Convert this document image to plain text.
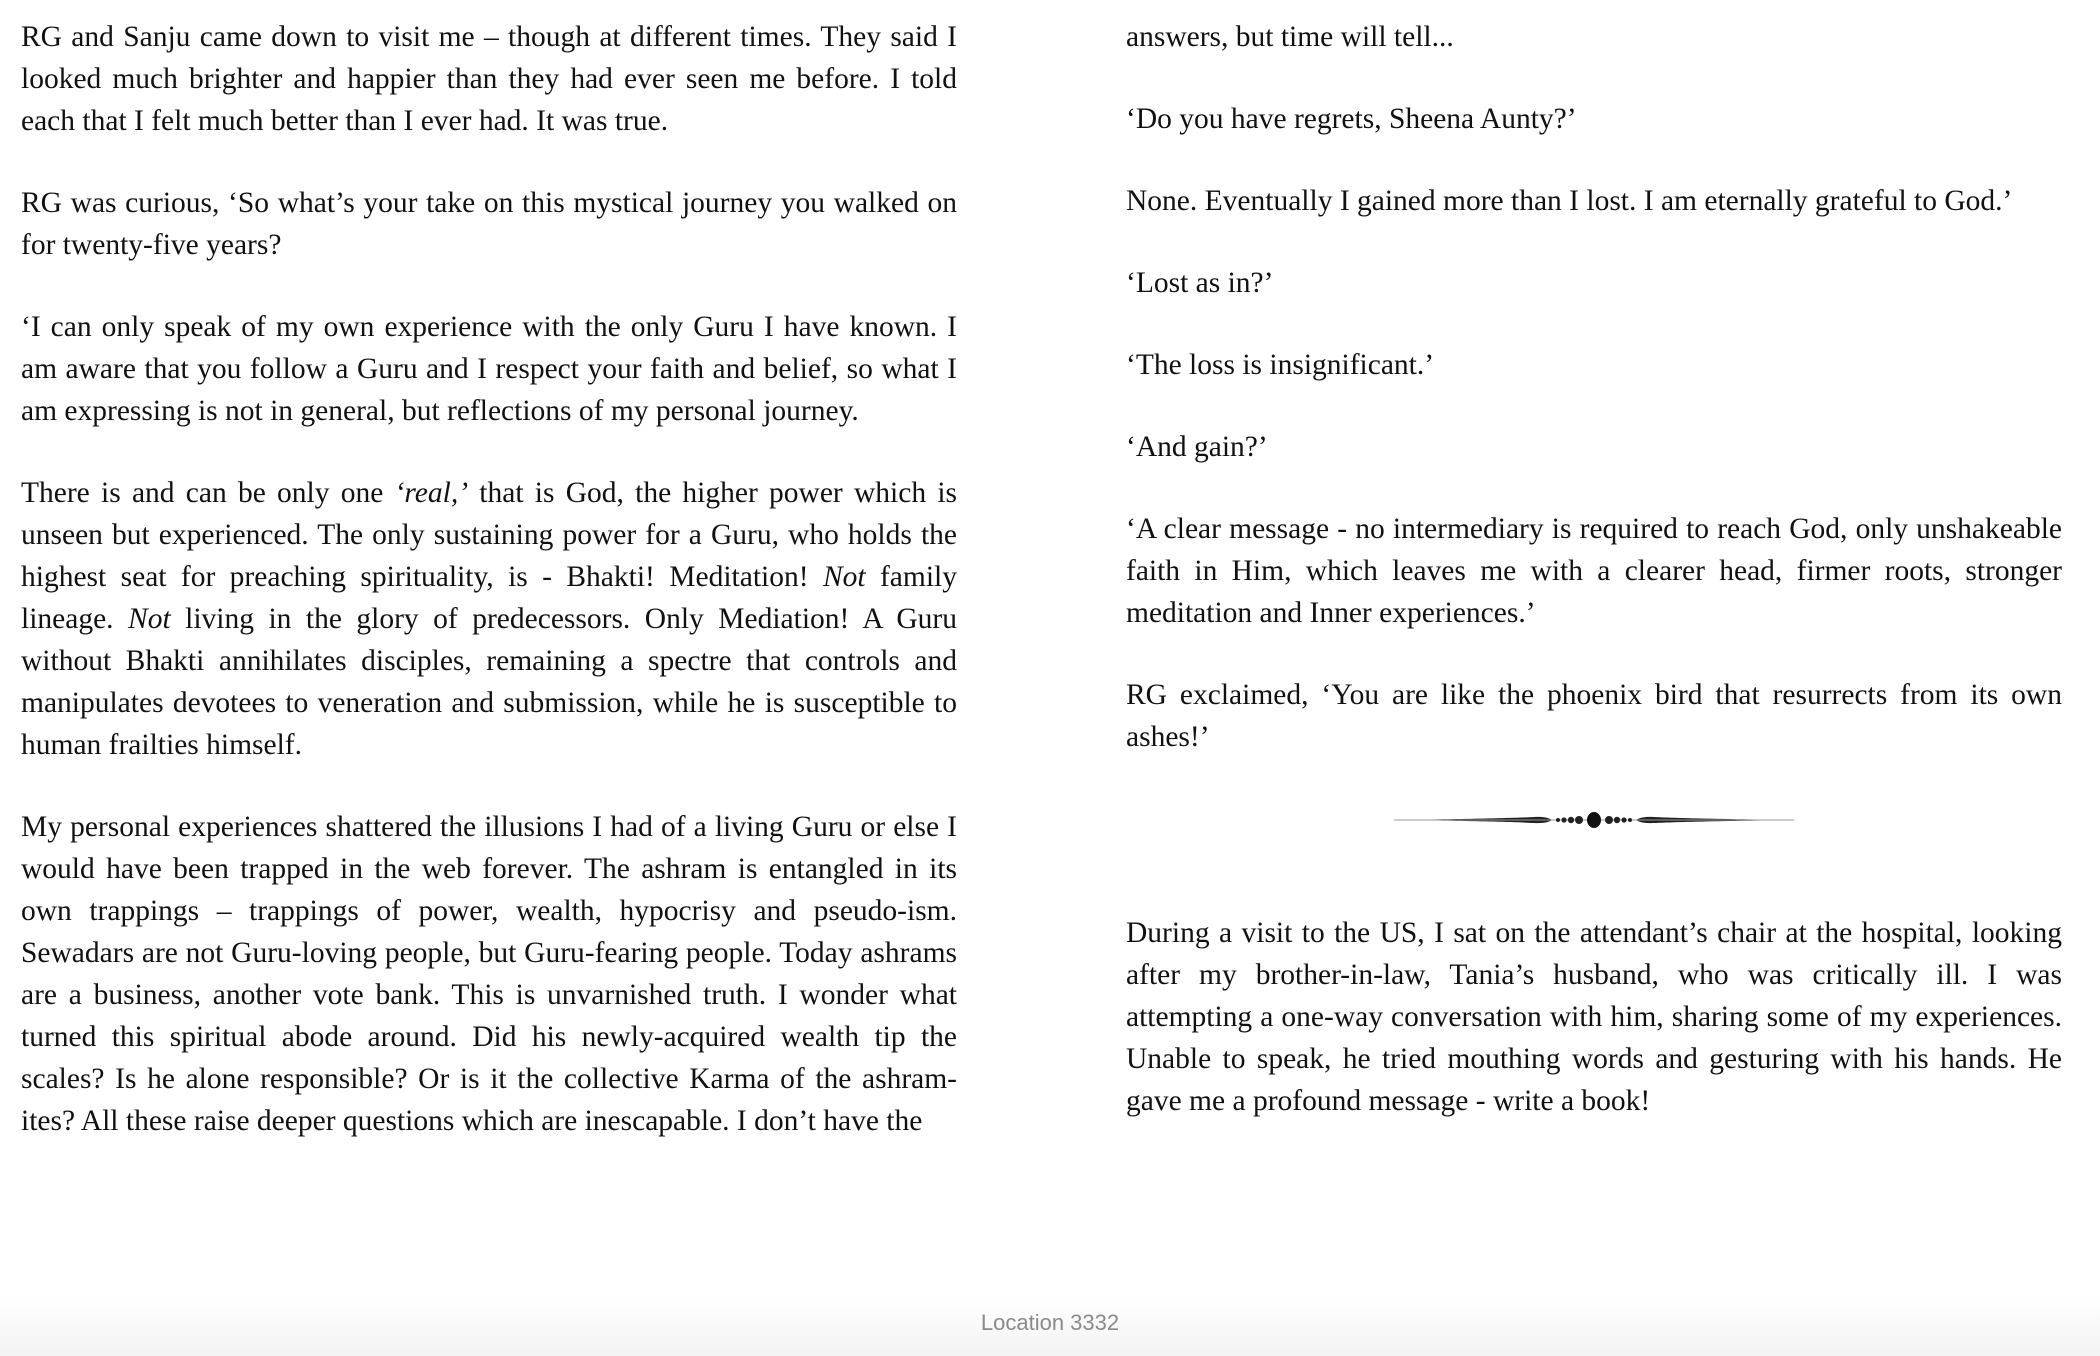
RG and Sanju came down to visit me – though at different times. They said I looked much brighter and happier than they had ever seen me before. I told each that I felt much better than I ever had. It was true.

RG was curious, ‘So what’s your take on this mystical journey you walked on for twenty-five years?

‘I can only speak of my own experience with the only Guru I have known. I am aware that you follow a Guru and I respect your faith and belief, so what I am expressing is not in general, but reflections of my personal journey.

There is and can be only one ‘real,’ that is God, the higher power which is unseen but experienced. The only sustaining power for a Guru, who holds the highest seat for preaching spirituality, is - Bhakti! Meditation! Not family lineage. Not living in the glory of predecessors. Only Mediation! A Guru without Bhakti annihilates disciples, remaining a spectre that controls and manipulates devotees to veneration and submission, while he is susceptible to human frailties himself.

My personal experiences shattered the illusions I had of a living Guru or else I would have been trapped in the web forever. The ashram is entangled in its own trappings – trappings of power, wealth, hypocrisy and pseudo-ism. Sewadars are not Guru-loving people, but Guru-fearing people. Today ashrams are a business, another vote bank. This is unvarnished truth. I wonder what turned this spiritual abode around. Did his newly-acquired wealth tip the scales? Is he alone responsible? Or is it the collective Karma of the ashram-ites? All these raise deeper questions which are inescapable. I don’t have the

answers, but time will tell...

‘Do you have regrets, Sheena Aunty?’

None. Eventually I gained more than I lost. I am eternally grateful to God.’

‘Lost as in?’

‘The loss is insignificant.’

‘And gain?’

‘A clear message - no intermediary is required to reach God, only unshakeable faith in Him, which leaves me with a clearer head, firmer roots, stronger meditation and Inner experiences.’

RG exclaimed, ‘You are like the phoenix bird that resurrects from its own ashes!’

During a visit to the US, I sat on the attendant’s chair at the hospital, looking after my brother-in-law, Tania’s husband, who was critically ill. I was attempting a one-way conversation with him, sharing some of my experiences. Unable to speak, he tried mouthing words and gesturing with his hands. He gave me a profound message - write a book!

Location 3332
